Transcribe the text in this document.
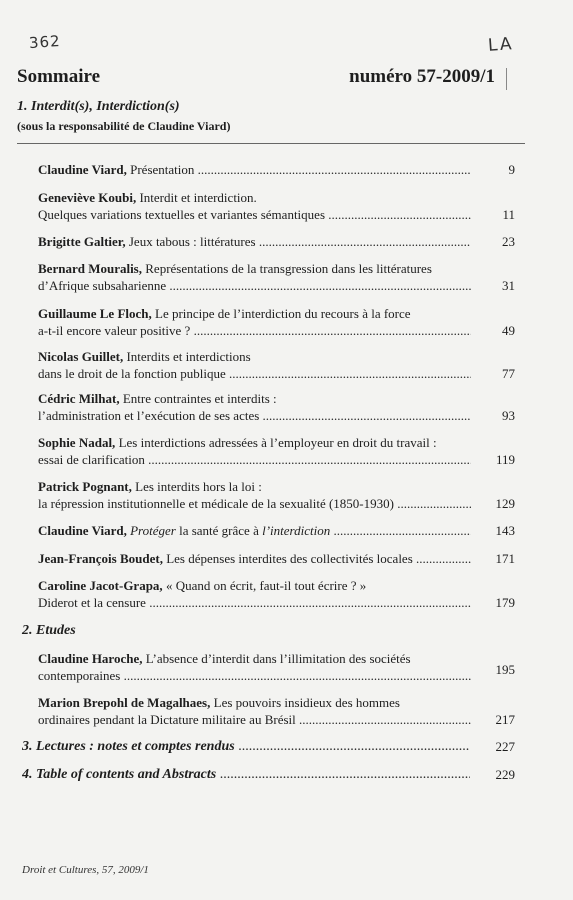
362	LA
Sommaire	numéro 57-2009/1
1. Interdit(s), Interdiction(s)
(sous la responsabilité de Claudine Viard)
Claudine Viard, Présentation .....	9
Geneviève Koubi, Interdit et interdiction.
Quelques variations textuelles et variantes sémantiques .....	11
Brigitte Galtier, Jeux tabous : littératures .....	23
Bernard Mouralis, Représentations de la transgression dans les littératures
d’Afrique subsaharienne .....	31
Guillaume Le Floch, Le principe de l’interdiction du recours à la force
a-t-il encore valeur positive ? .....	49
Nicolas Guillet, Interdits et interdictions
dans le droit de la fonction publique .....	77
Cédric Milhat, Entre contraintes et interdits :
l’administration et l’exécution de ses actes .....	93
Sophie Nadal, Les interdictions adressées à l’employeur en droit du travail :
essai de clarification .....	119
Patrick Pognant, Les interdits hors la loi :
la répression institutionnelle et médicale de la sexualité (1850-1930) .....	129
Claudine Viard, Protéger la santé grâce à l’interdiction .....	143
Jean-François Boudet, Les dépenses interdites des collectivités locales .....	171
Caroline Jacot-Grapa, « Quand on écrit, faut-il tout écrire ? »
Diderot et la censure .....	179
2. Etudes
Claudine Haroche, L’absence d’interdit dans l’illimitation des sociétés
contemporaines .....	195
Marion Brepohl de Magalhaes, Les pouvoirs insidieux des hommes
ordinaires pendant la Dictature militaire au Brésil .....	217
3. Lectures : notes et comptes rendus .....	227
4. Table of contents and Abstracts .....	229
Droit et Cultures, 57, 2009/1
